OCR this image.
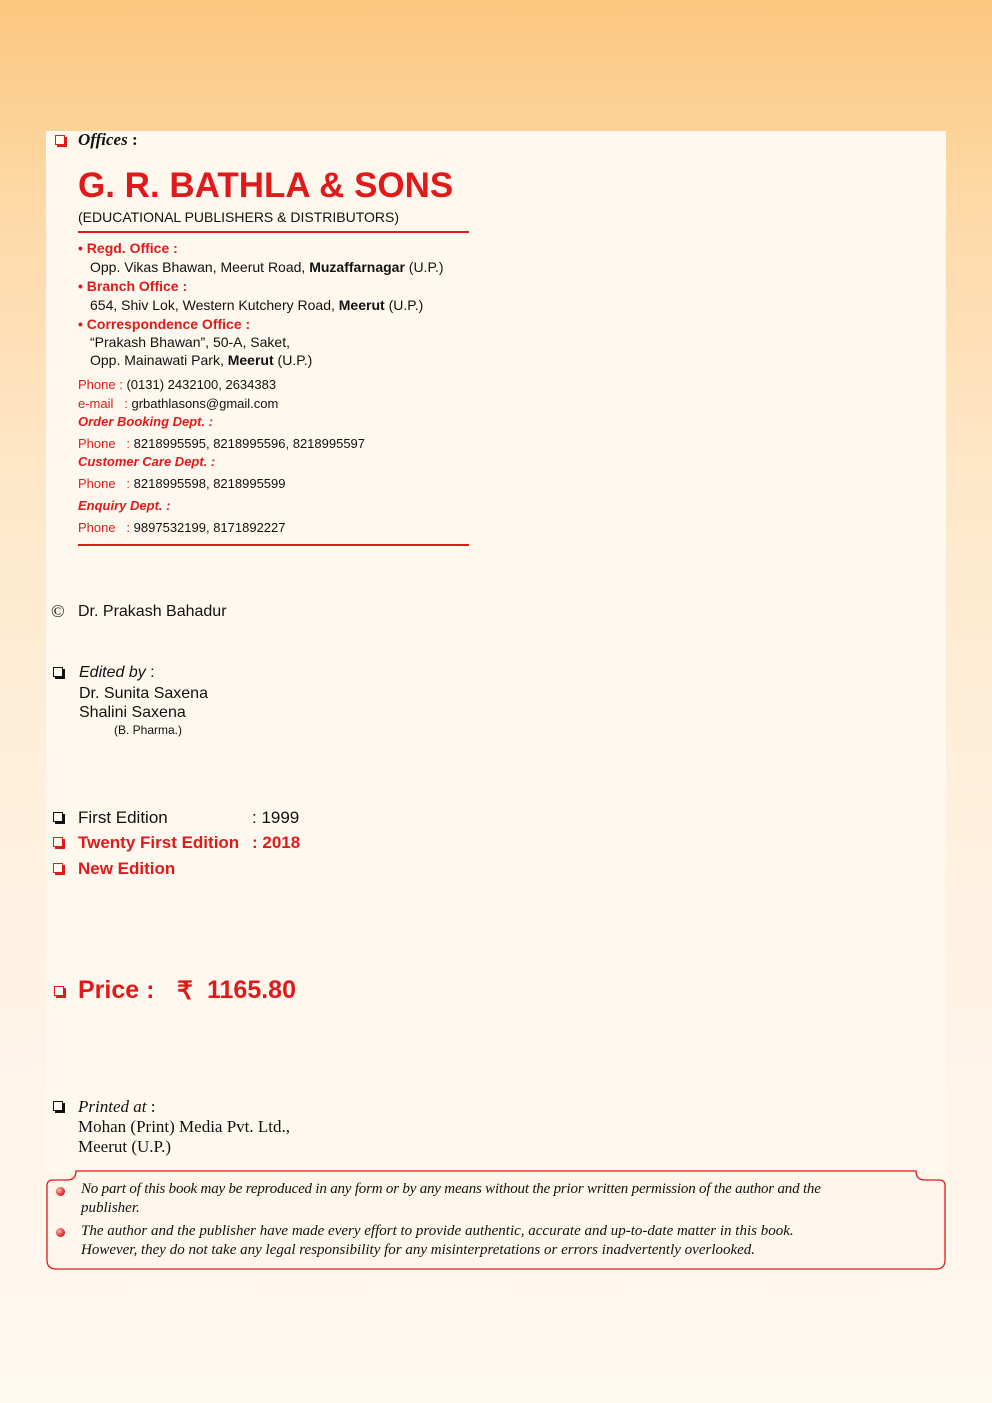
Offices :
G. R. BATHLA & SONS
(EDUCATIONAL PUBLISHERS & DISTRIBUTORS)
• Regd. Office :
Opp. Vikas Bhawan, Meerut Road, Muzaffarnagar (U.P.)
• Branch Office :
654, Shiv Lok, Western Kutchery Road, Meerut (U.P.)
• Correspondence Office :
“Prakash Bhawan”, 50-A, Saket,
Opp. Mainawati Park, Meerut (U.P.)
Phone : (0131) 2432100, 2634383
e-mail   : grbathlasons@gmail.com
Order Booking Dept. :
Phone   : 8218995595, 8218995596, 8218995597
Customer Care Dept. :
Phone   : 8218995598, 8218995599
Enquiry Dept. :
Phone   : 9897532199, 8171892227
© Dr. Prakash Bahadur
Edited by :
Dr. Sunita Saxena
Shalini Saxena
(B. Pharma.)
First Edition	: 1999
Twenty First Edition : 2018
New Edition
Price : ₹ 1165.80
Printed at :
Mohan (Print) Media Pvt. Ltd.,
Meerut (U.P.)
No part of this book may be reproduced in any form or by any means without the prior written permission of the author and the
publisher.
The author and the publisher have made every effort to provide authentic, accurate and up-to-date matter in this book.
However, they do not take any legal responsibility for any misinterpretations or errors inadvertently overlooked.
